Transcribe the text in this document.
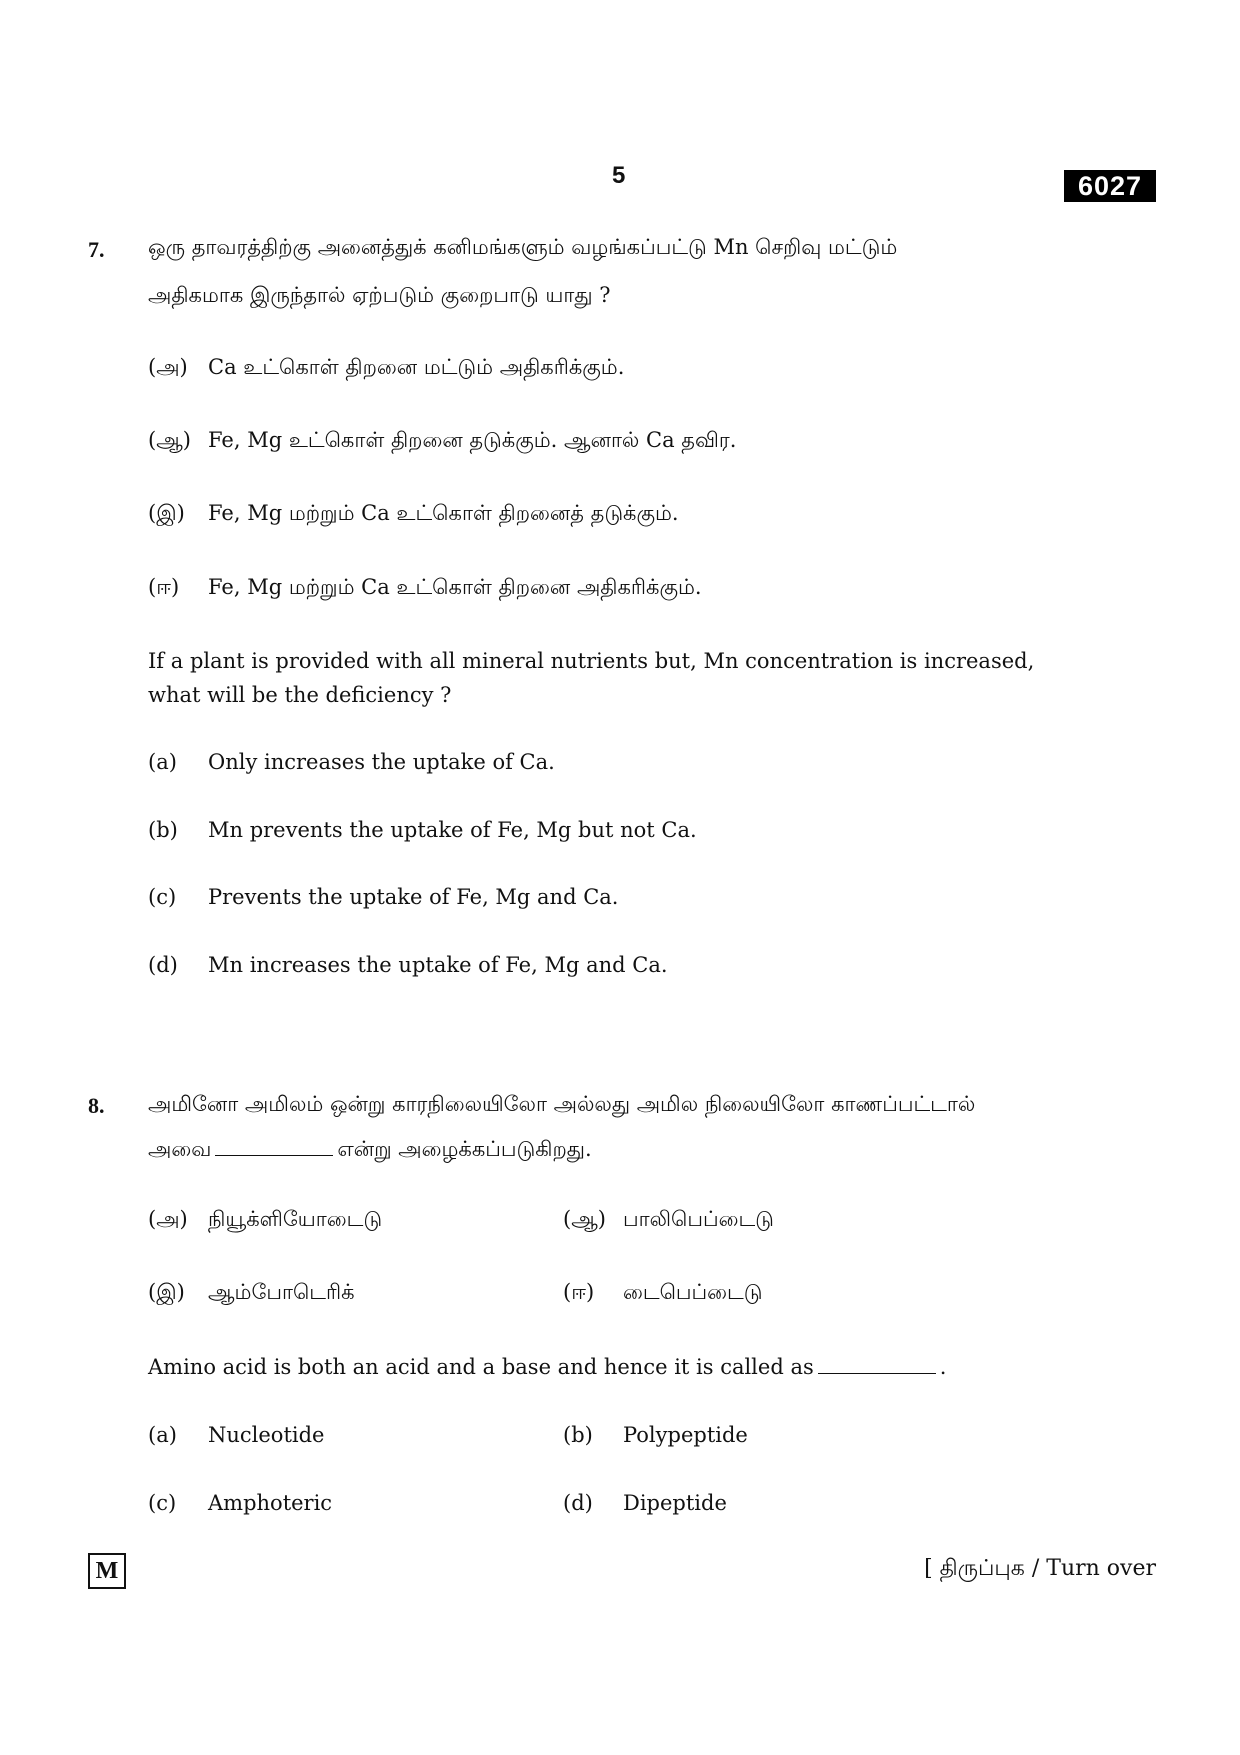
5	6027
7. ஒரு தாவரத்திற்கு அனைத்துக் கனிமங்களும் வழங்கப்பட்டு Mn செறிவு மட்டும்
அதிகமாக இருந்தால் ஏற்படும் குறைபாடு யாது ?
(அ) Ca உட்கொள் திறனை மட்டும் அதிகரிக்கும்.
(ஆ) Fe, Mg உட்கொள் திறனை தடுக்கும். ஆனால் Ca தவிர.
(இ) Fe, Mg மற்றும் Ca உட்கொள் திறனைத் தடுக்கும்.
(ஈ) Fe, Mg மற்றும் Ca உட்கொள் திறனை அதிகரிக்கும்.
If a plant is provided with all mineral nutrients but, Mn concentration is increased,
what will be the deficiency ?
(a) Only increases the uptake of Ca.
(b) Mn prevents the uptake of Fe, Mg but not Ca.
(c) Prevents the uptake of Fe, Mg and Ca.
(d) Mn increases the uptake of Fe, Mg and Ca.
8. அமினோ அமிலம் ஒன்று காரநிலையிலோ அல்லது அமில நிலையிலோ காணப்பட்டால்
அவை	என்று அழைக்கப்படுகிறது.
(அ) நியூக்ளியோடைடு	(ஆ) பாலிபெப்டைடு
(இ) ஆம்போடெரிக்	(ஈ) டைபெப்டைடு
Amino acid is both an acid and a base and hence it is called as	.
(a) Nucleotide	(b) Polypeptide
(c) Amphoteric	(d) Dipeptide
M	[ திருப்புக / Turn over
